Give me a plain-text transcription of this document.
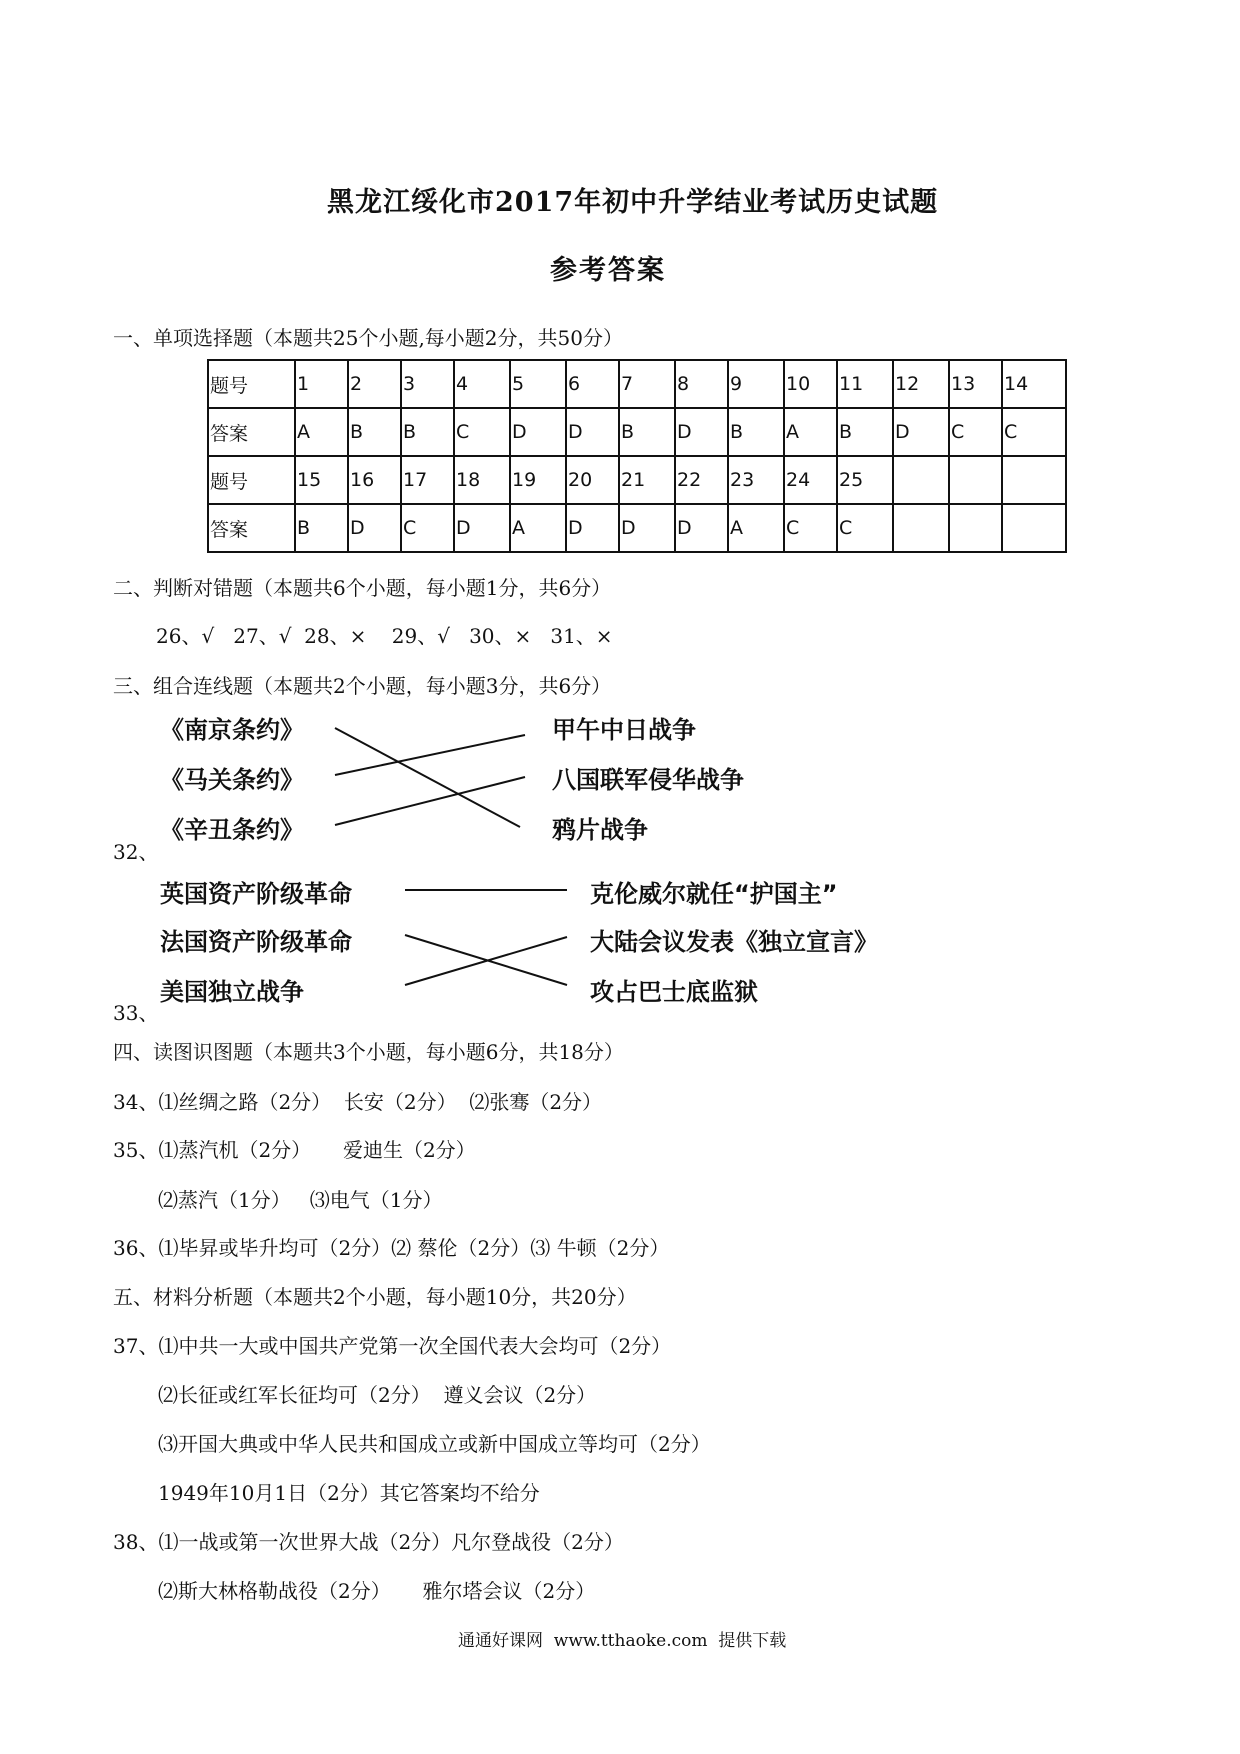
黑龙江绥化市2017年初中升学结业考试历史试题
参考答案
一、单项选择题（本题共25个小题,每小题2分，共50分）
题号	1	2	3	4	5	6	7	8	9	10	11	12	13	14
答案	A	B	B	C	D	D	B	D	B	A	B	D	C	C
题号	15	16	17	18	19	20	21	22	23	24	25			
答案	B	D	C	D	A	D	D	D	A	C	C			
二、判断对错题（本题共6个小题，每小题1分，共6分）
26、√   27、√  28、×    29、√   30、×   31、×
三、组合连线题（本题共2个小题，每小题3分，共6分）
《南京条约》
《马关条约》
《辛丑条约》
甲午中日战争
八国联军侵华战争
鸦片战争
32、
英国资产阶级革命
法国资产阶级革命
美国独立战争
克伦威尔就任“护国主”
大陆会议发表《独立宣言》
攻占巴士底监狱
33、
四、读图识图题（本题共3个小题，每小题6分，共18分）
34、⑴丝绸之路（2分）  长安（2分）  ⑵张骞（2分）
35、⑴蒸汽机（2分）     爱迪生（2分）
⑵蒸汽（1分）   ⑶电气（1分）
36、⑴毕昇或毕升均可（2分）⑵ 蔡伦（2分）⑶ 牛顿（2分）
五、材料分析题（本题共2个小题，每小题10分，共20分）
37、⑴中共一大或中国共产党第一次全国代表大会均可（2分）
⑵长征或红军长征均可（2分）  遵义会议（2分）
⑶开国大典或中华人民共和国成立或新中国成立等均可（2分）
1949年10月1日（2分）其它答案均不给分
38、⑴一战或第一次世界大战（2分）凡尔登战役（2分）
⑵斯大林格勒战役（2分）     雅尔塔会议（2分）
通通好课网  www.tthaoke.com  提供下载
